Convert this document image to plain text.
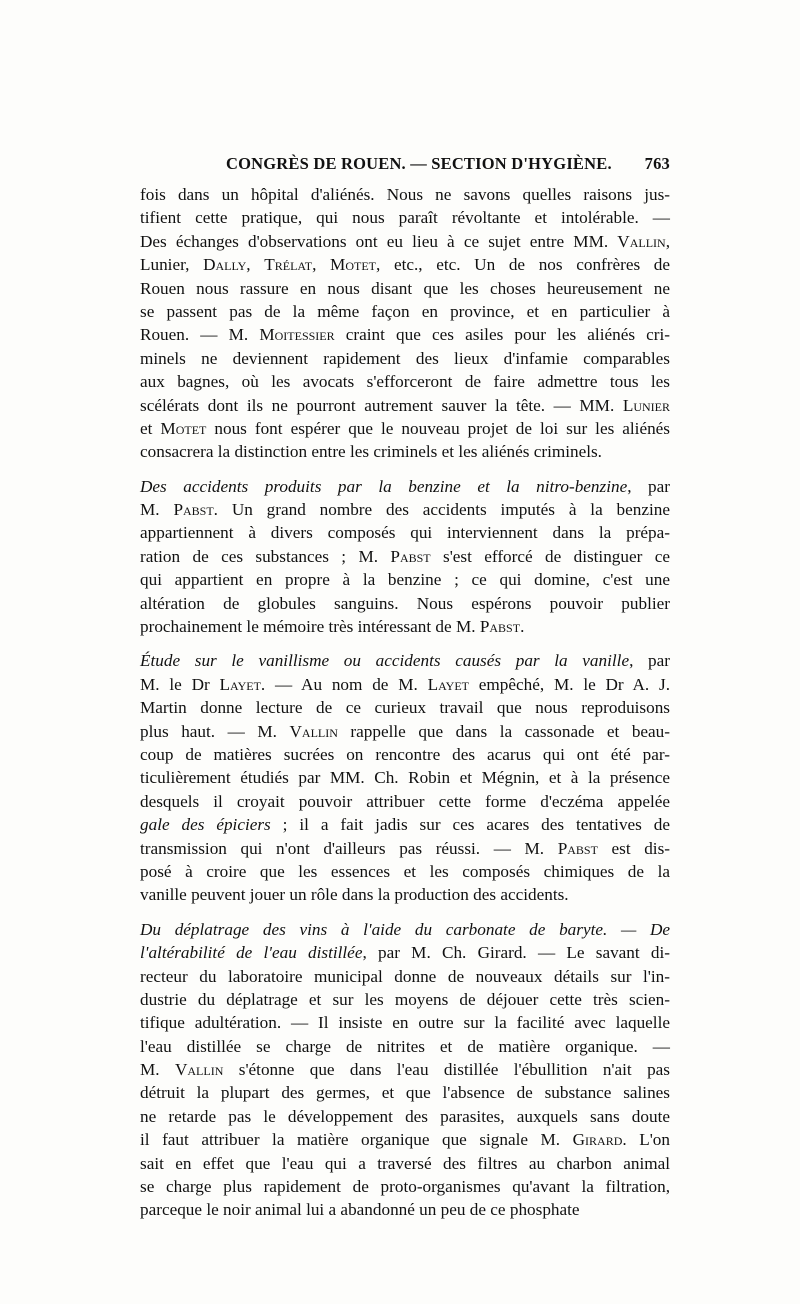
CONGRÈS DE ROUEN. — SECTION D'HYGIÈNE. 763
fois dans un hôpital d'aliénés. Nous ne savons quelles raisons jus-
tifient cette pratique, qui nous paraît révoltante et intolérable. —
Des échanges d'observations ont eu lieu à ce sujet entre MM. Vallin,
Lunier, Dally, Trélat, Motet, etc., etc. Un de nos confrères de
Rouen nous rassure en nous disant que les choses heureusement ne
se passent pas de la même façon en province, et en particulier à
Rouen. — M. Moitessier craint que ces asiles pour les aliénés cri-
minels ne deviennent rapidement des lieux d'infamie comparables
aux bagnes, où les avocats s'efforceront de faire admettre tous les
scélérats dont ils ne pourront autrement sauver la tête. — MM. Lunier
et Motet nous font espérer que le nouveau projet de loi sur les aliénés
consacrera la distinction entre les criminels et les aliénés criminels.
Des accidents produits par la benzine et la nitro-benzine, par
M. Pabst. Un grand nombre des accidents imputés à la benzine
appartiennent à divers composés qui interviennent dans la prépa-
ration de ces substances ; M. Pabst s'est efforcé de distinguer ce
qui appartient en propre à la benzine ; ce qui domine, c'est une
altération de globules sanguins. Nous espérons pouvoir publier
prochainement le mémoire très intéressant de M. Pabst.
Étude sur le vanillisme ou accidents causés par la vanille, par
M. le Dr Layet. — Au nom de M. Layet empêché, M. le Dr A. J.
Martin donne lecture de ce curieux travail que nous reproduisons
plus haut. — M. Vallin rappelle que dans la cassonade et beau-
coup de matières sucrées on rencontre des acarus qui ont été par-
ticulièrement étudiés par MM. Ch. Robin et Mégnin, et à la présence
desquels il croyait pouvoir attribuer cette forme d'eczéma appelée
gale des épiciers ; il a fait jadis sur ces acares des tentatives de
transmission qui n'ont d'ailleurs pas réussi. — M. Pabst est dis-
posé à croire que les essences et les composés chimiques de la
vanille peuvent jouer un rôle dans la production des accidents.
Du déplatrage des vins à l'aide du carbonate de baryte. — De
l'altérabilité de l'eau distillée, par M. Ch. Girard. — Le savant di-
recteur du laboratoire municipal donne de nouveaux détails sur l'in-
dustrie du déplatrage et sur les moyens de déjouer cette très scien-
tifique adultération. — Il insiste en outre sur la facilité avec laquelle
l'eau distillée se charge de nitrites et de matière organique. —
M. Vallin s'étonne que dans l'eau distillée l'ébullition n'ait pas
détruit la plupart des germes, et que l'absence de substance salines
ne retarde pas le développement des parasites, auxquels sans doute
il faut attribuer la matière organique que signale M. Girard. L'on
sait en effet que l'eau qui a traversé des filtres au charbon animal
se charge plus rapidement de proto-organismes qu'avant la filtration,
parceque le noir animal lui a abandonné un peu de ce phosphate
